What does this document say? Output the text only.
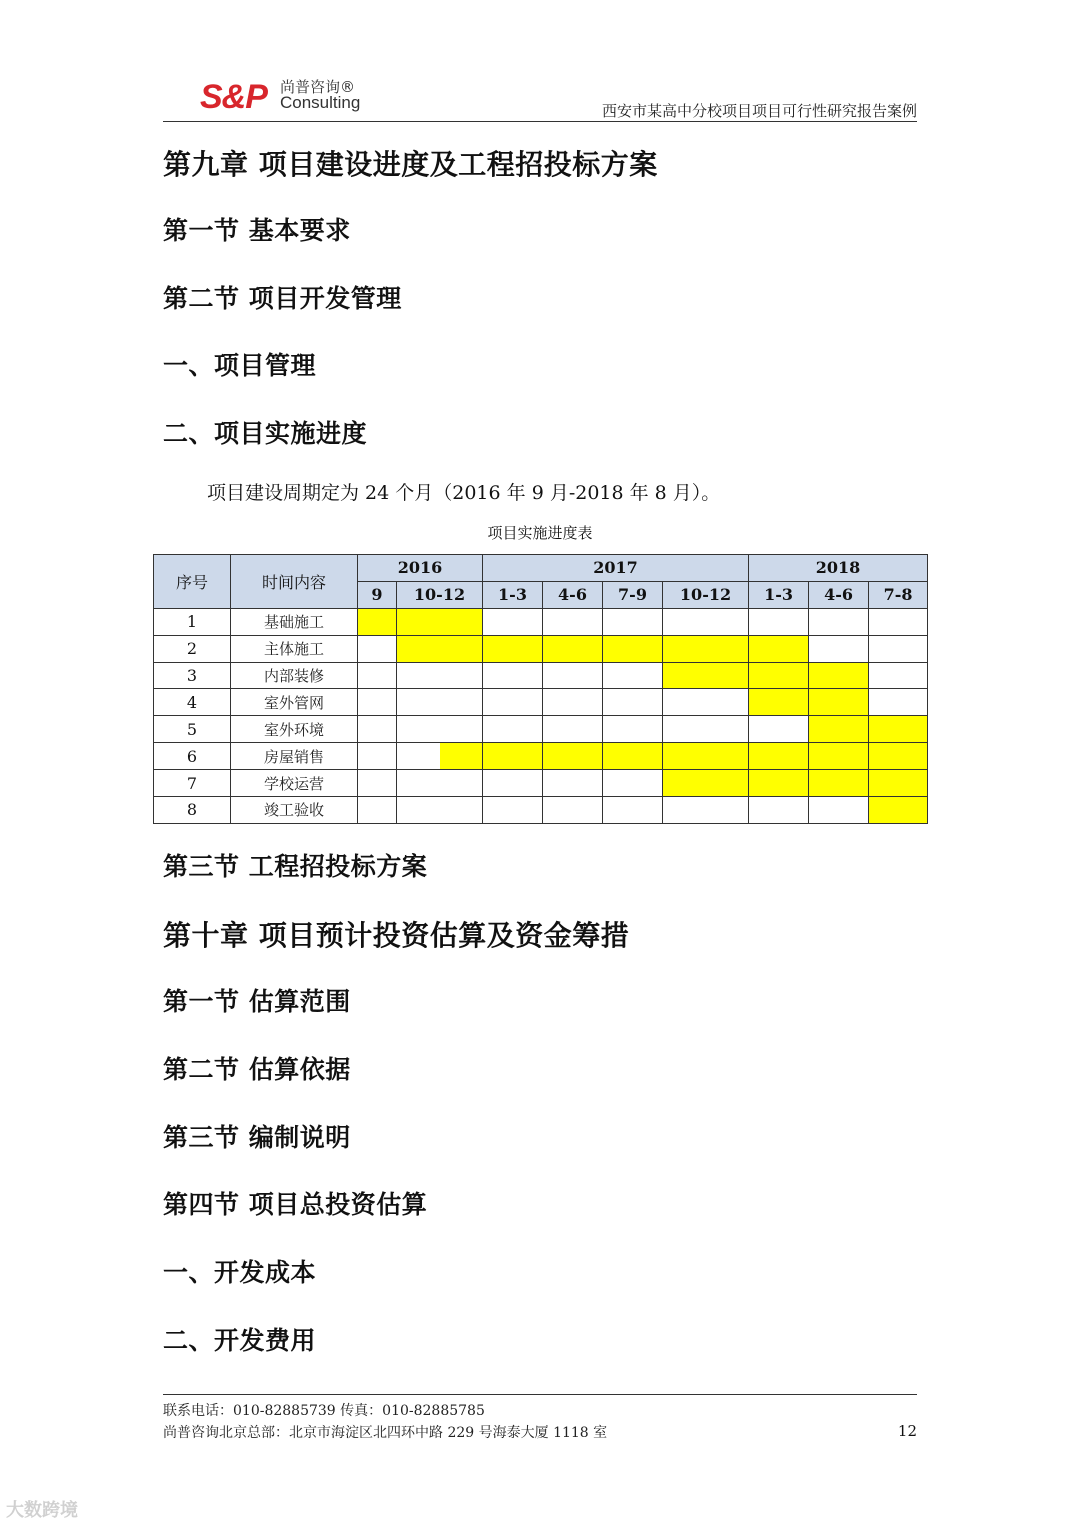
S&P 尚普咨询®
Consulting	西安市某高中分校项目项目可行性研究报告案例
第九章 项目建设进度及工程招投标方案
第一节 基本要求
第二节 项目开发管理
一、项目管理
二、项目实施进度
项目建设周期定为 24 个月（2016 年 9 月-2018 年 8 月）。
项目实施进度表
序号	时间内容	2016		2017				2018		
		9	10-12	1-3	4-6	7-9	10-12	1-3	4-6	7-8
1	基础施工	

2	主体施工		

3	内部装修						

4	室外管网							

5	室外环境								

6	房屋销售		

7	学校运营						

8	竣工验收									
第三节 工程招投标方案
第十章 项目预计投资估算及资金筹措
第一节 估算范围
第二节 估算依据
第三节 编制说明
第四节 项目总投资估算
一、开发成本
二、开发费用
联系电话：010-82885739 传真：010-82885785
尚普咨询北京总部：北京市海淀区北四环中路 229 号海泰大厦 1118 室	12
大数跨境
